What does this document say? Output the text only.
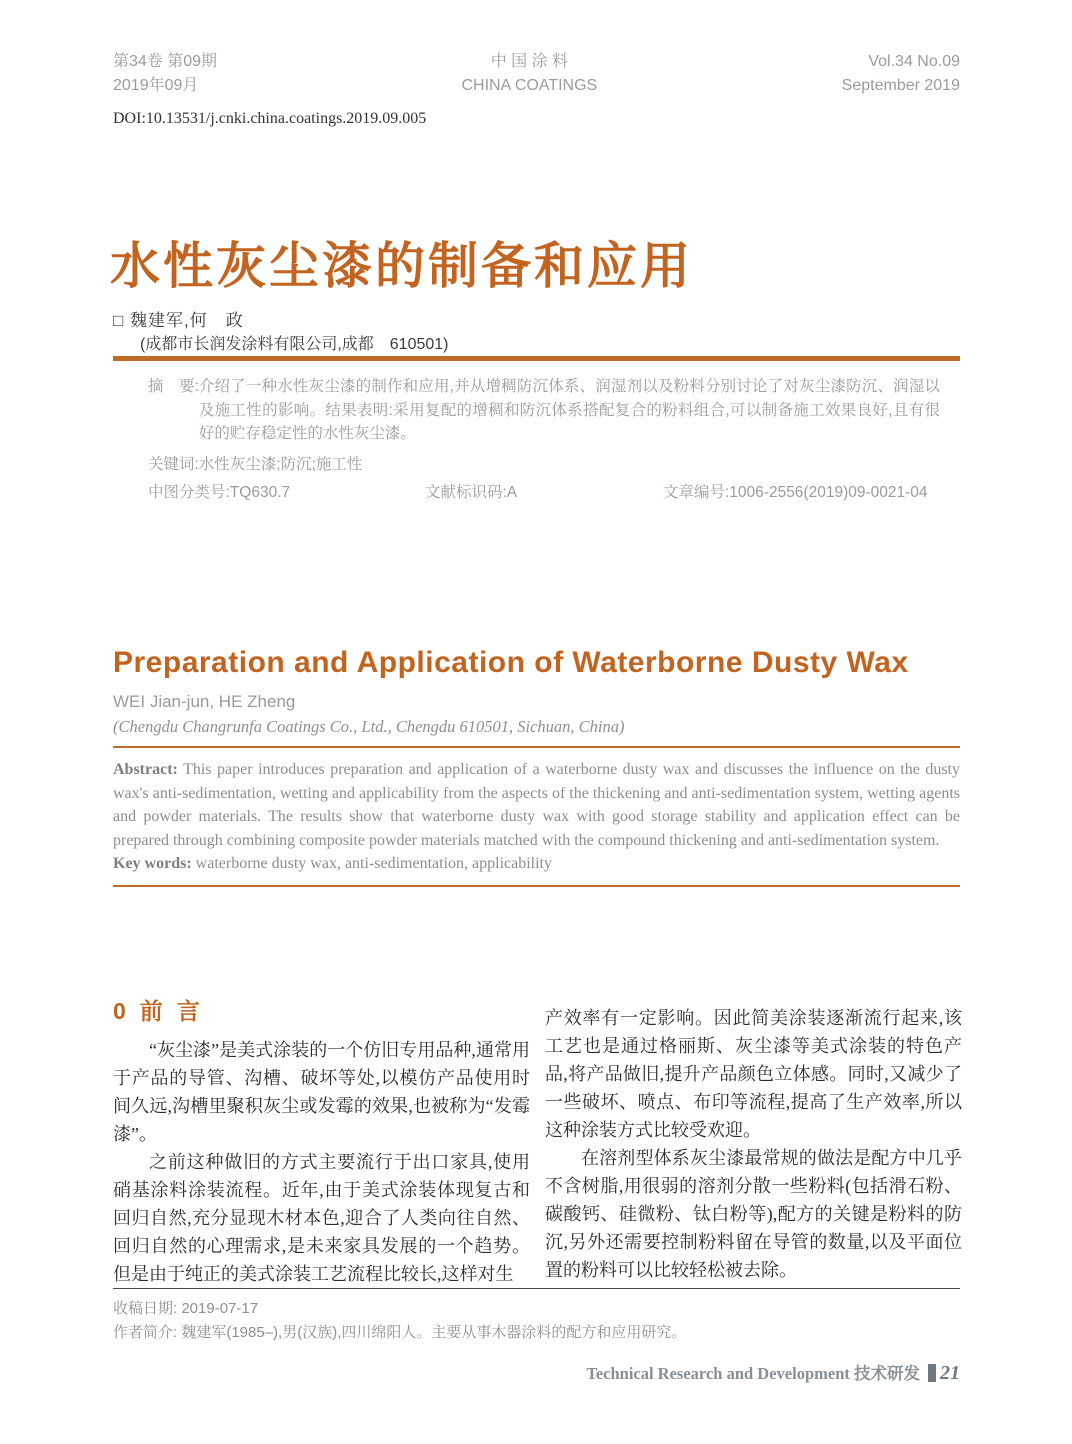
第34卷 第09期
2019年09月
中 国 涂 料
CHINA COATINGS
Vol.34 No.09
September 2019
DOI:10.13531/j.cnki.china.coatings.2019.09.005
水性灰尘漆的制备和应用
□ 魏建军,何　政
(成都市长润发涂料有限公司,成都　610501)
摘　要: 介绍了一种水性灰尘漆的制作和应用,并从增稠防沉体系、润湿剂以及粉料分别讨论了对灰尘漆防沉、润湿以及施工性的影响。结果表明:采用复配的增稠和防沉体系搭配复合的粉料组合,可以制备施工效果良好,且有很好的贮存稳定性的水性灰尘漆。
关键词:水性灰尘漆;防沉;施工性
中图分类号:TQ630.7	文献标识码:A	文章编号:1006-2556(2019)09-0021-04
Preparation and Application of Waterborne Dusty Wax
WEI Jian-jun, HE Zheng
(Chengdu Changrunfa Coatings Co., Ltd., Chengdu 610501, Sichuan, China)
Abstract: This paper introduces preparation and application of a waterborne dusty wax and discusses the influence on the dusty wax's anti-sedimentation, wetting and applicability from the aspects of the thickening and anti-sedimentation system, wetting agents and powder materials. The results show that waterborne dusty wax with good storage stability and application effect can be prepared through combining composite powder materials matched with the compound thickening and anti-sedimentation system.
Key words: waterborne dusty wax, anti-sedimentation, applicability
0 前言

“灰尘漆”是美式涂装的一个仿旧专用品种,通常用于产品的导管、沟槽、破坏等处,以模仿产品使用时间久远,沟槽里聚积灰尘或发霉的效果,也被称为“发霉漆”。

之前这种做旧的方式主要流行于出口家具,使用硝基涂料涂装流程。近年,由于美式涂装体现复古和回归自然,充分显现木材本色,迎合了人类向往自然、回归自然的心理需求,是未来家具发展的一个趋势。但是由于纯正的美式涂装工艺流程比较长,这样对生

产效率有一定影响。因此简美涂装逐渐流行起来,该工艺也是通过格丽斯、灰尘漆等美式涂装的特色产品,将产品做旧,提升产品颜色立体感。同时,又减少了一些破坏、喷点、布印等流程,提高了生产效率,所以这种涂装方式比较受欢迎。

在溶剂型体系灰尘漆最常规的做法是配方中几乎不含树脂,用很弱的溶剂分散一些粉料(包括滑石粉、碳酸钙、硅微粉、钛白粉等),配方的关键是粉料的防沉,另外还需要控制粉料留在导管的数量,以及平面位置的粉料可以比较轻松被去除。

收稿日期: 2019-07-17
作者简介: 魏建军(1985–),男(汉族),四川绵阳人。主要从事木器涂料的配方和应用研究。
Technical Research and Development 技术研发 21
